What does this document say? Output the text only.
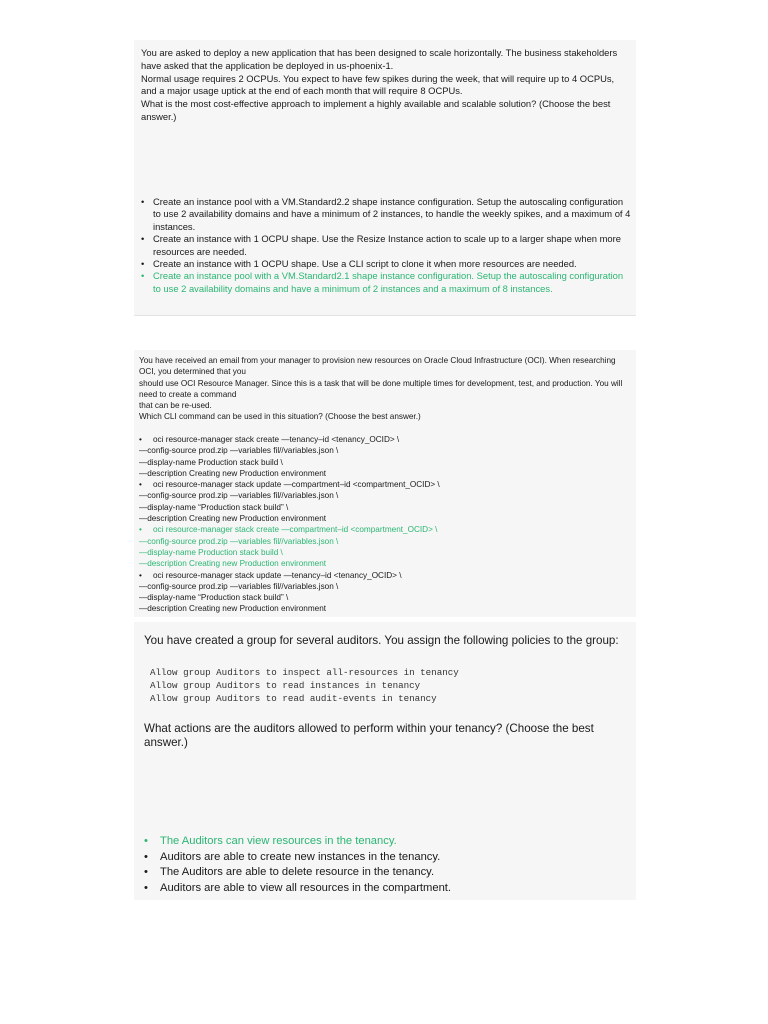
You are asked to deploy a new application that has been designed to scale horizontally. The business stakeholders have asked that the application be deployed in us-phoenix-1.

Normal usage requires 2 OCPUs. You expect to have few spikes during the week, that will require up to 4 OCPUs, and a major usage uptick at the end of each month that will require 8 OCPUs.

What is the most cost-effective approach to implement a highly available and scalable solution? (Choose the best answer.)

• Create an instance pool with a VM.Standard2.2 shape instance configuration. Setup the autoscaling configuration to use 2 availability domains and have a minimum of 2 instances, to handle the weekly spikes, and a maximum of 4 instances.
• Create an instance with 1 OCPU shape. Use the Resize Instance action to scale up to a larger shape when more resources are needed.
• Create an instance with 1 OCPU shape. Use a CLI script to clone it when more resources are needed.
• Create an instance pool with a VM.Standard2.1 shape instance configuration. Setup the autoscaling configuration to use 2 availability domains and have a minimum of 2 instances and a maximum of 8 instances.

You have received an email from your manager to provision new resources on Oracle Cloud Infrastructure (OCI). When researching OCI, you determined that you

should use OCI Resource Manager. Since this is a task that will be done multiple times for development, test, and production. You will need to create a command

that can be re-used.

Which CLI command can be used in this situation? (Choose the best answer.)

• oci resource-manager stack create —tenancy–id <tenancy_OCID> \
—config-source prod.zip —variables fil//variables.json \
—display-name Production stack build \
—description Creating new Production environment
• oci resource-manager stack update —compartment–id <compartment_OCID> \
—config-source prod.zip —variables fil//variables.json \
—display-name “Production stack build” \
—description Creating new Production environment
• oci resource-manager stack create —compartment–id <compartment_OCID> \
—config-source prod.zip —variables fil//variables.json \
—display-name Production stack build \
—description Creating new Production environment
• oci resource-manager stack update —tenancy–id <tenancy_OCID> \
—config-source prod.zip —variables fil//variables.json \
—display-name “Production stack build” \
—description Creating new Production environment

You have created a group for several auditors. You assign the following policies to the group:

Allow group Auditors to inspect all-resources in tenancy
Allow group Auditors to read instances in tenancy
Allow group Auditors to read audit-events in tenancy

What actions are the auditors allowed to perform within your tenancy? (Choose the best answer.)

• The Auditors can view resources in the tenancy.
• Auditors are able to create new instances in the tenancy.
• The Auditors are able to delete resource in the tenancy.
• Auditors are able to view all resources in the compartment.
